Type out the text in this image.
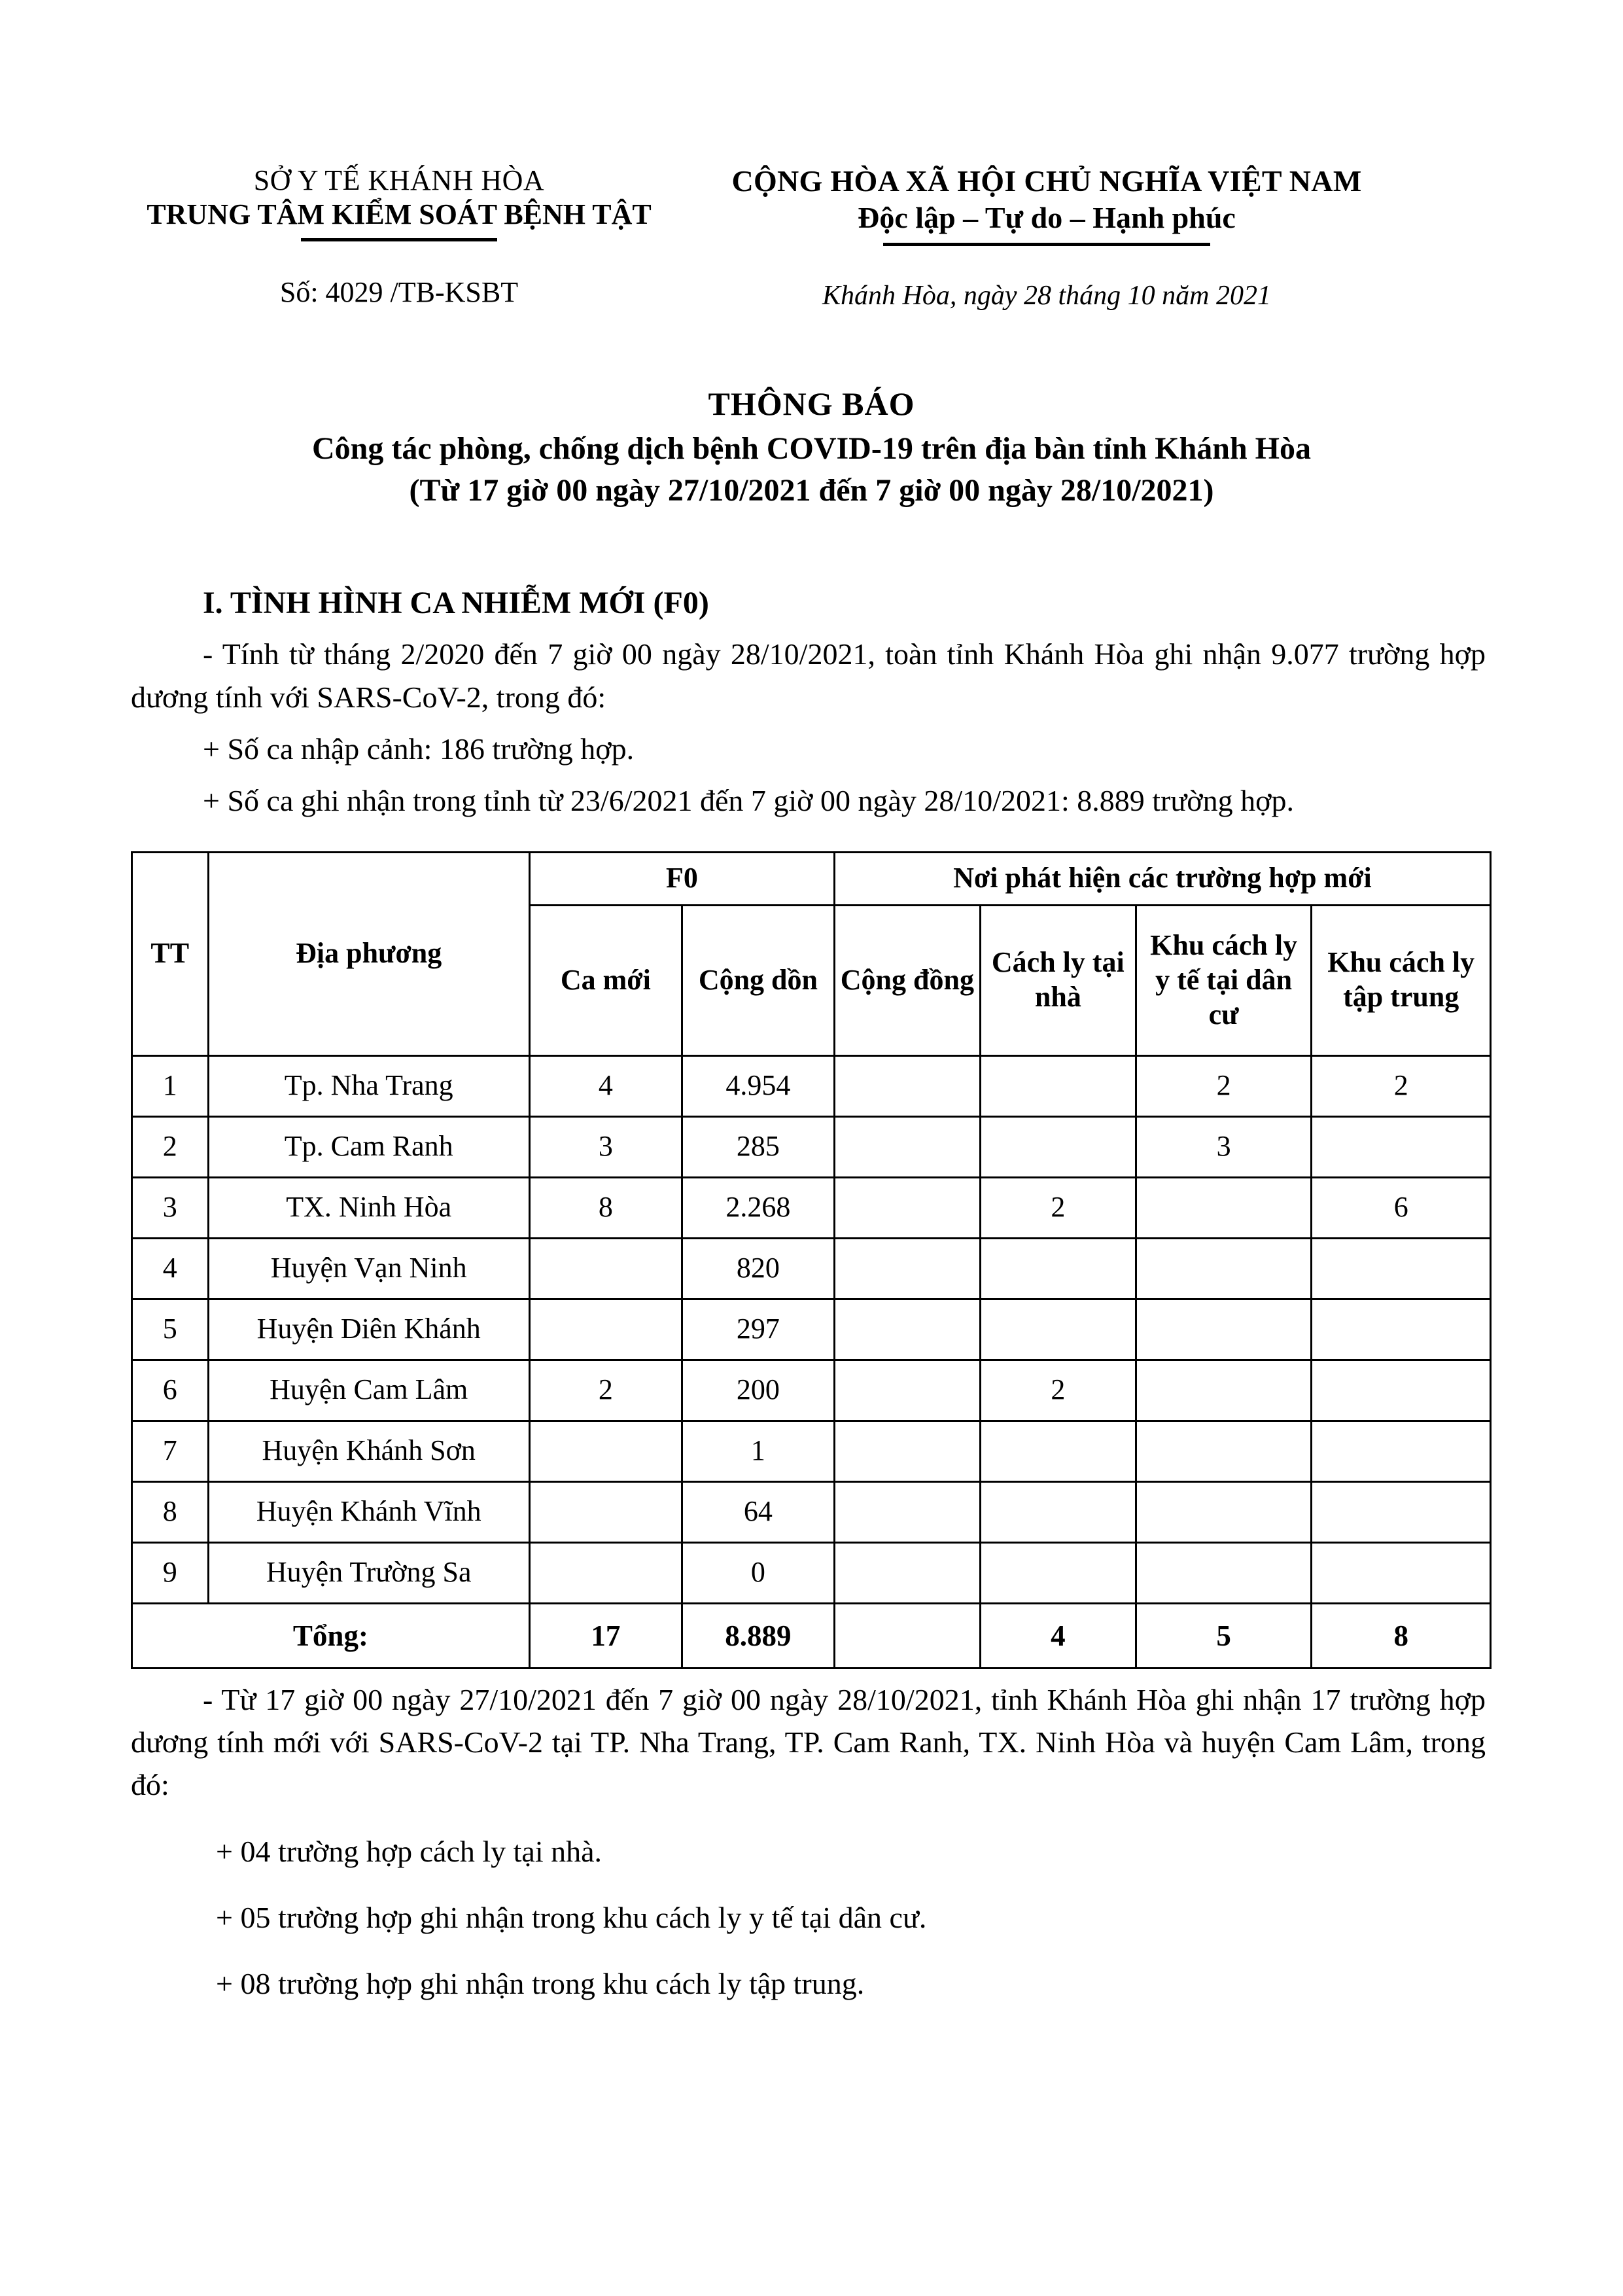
SỞ Y TẾ KHÁNH HÒA
TRUNG TÂM KIỂM SOÁT BỆNH TẬT
Số: 4029 /TB-KSBT
CỘNG HÒA XÃ HỘI CHỦ NGHĨA VIỆT NAM
Độc lập – Tự do – Hạnh phúc
Khánh Hòa, ngày 28 tháng 10 năm 2021
THÔNG BÁO
Công tác phòng, chống dịch bệnh COVID-19 trên địa bàn tỉnh Khánh Hòa
(Từ 17 giờ 00 ngày 27/10/2021 đến 7 giờ 00 ngày 28/10/2021)
I. TÌNH HÌNH CA NHIỄM MỚI (F0)

- Tính từ tháng 2/2020 đến 7 giờ 00 ngày 28/10/2021, toàn tỉnh Khánh Hòa ghi nhận 9.077 trường hợp dương tính với SARS-CoV-2, trong đó:

+ Số ca nhập cảnh: 186 trường hợp.

+ Số ca ghi nhận trong tỉnh từ 23/6/2021 đến 7 giờ 00 ngày 28/10/2021: 8.889 trường hợp.

TT	Địa phương	F0		Nơi phát hiện các trường hợp mới			
		Ca mới	Cộng dồn	Cộng đồng	Cách ly tại nhà	Khu cách ly y tế tại dân cư	Khu cách ly tập trung

1	Tp. Nha Trang	4	4.954			2	2
2	Tp. Cam Ranh	3	285			3	
3	TX. Ninh Hòa	8	2.268		2		6
4	Huyện Vạn Ninh		820				
5	Huyện Diên Khánh		297				
6	Huyện Cam Lâm	2	200		2		
7	Huyện Khánh Sơn		1				
8	Huyện Khánh Vĩnh		64				
9	Huyện Trường Sa		0				
Tổng:		17	8.889		4	5	8

- Từ 17 giờ 00 ngày 27/10/2021 đến 7 giờ 00 ngày 28/10/2021, tỉnh Khánh Hòa ghi nhận 17 trường hợp dương tính mới với SARS-CoV-2 tại TP. Nha Trang, TP. Cam Ranh, TX. Ninh Hòa và huyện Cam Lâm, trong đó:

+ 04 trường hợp cách ly tại nhà.

+ 05 trường hợp ghi nhận trong khu cách ly y tế tại dân cư.

+ 08 trường hợp ghi nhận trong khu cách ly tập trung.
